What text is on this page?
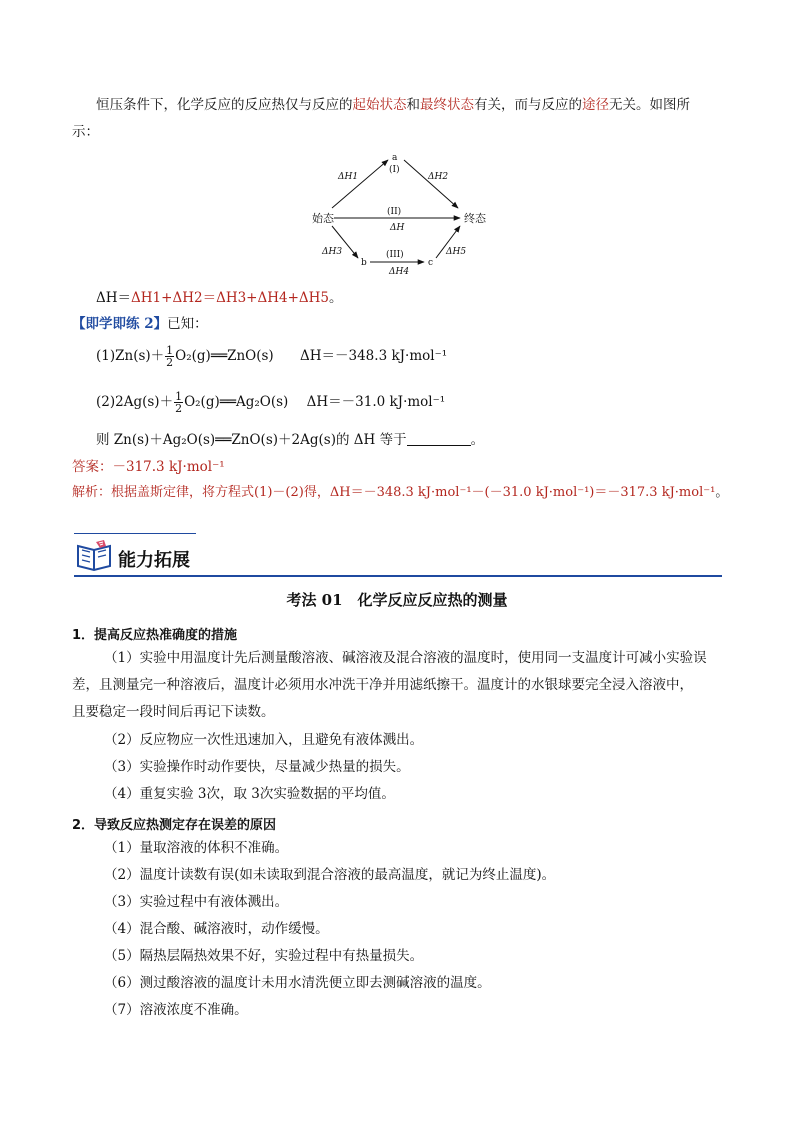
恒压条件下，化学反应的反应热仅与反应的起始状态和最终状态有关，而与反应的途径无关。如图所
示：
始态	终态
a
b	c
(I)
(II)
(III)
ΔH
ΔH1	ΔH2
ΔH3
ΔH4
ΔH5
ΔH＝ΔH1+ΔH2＝ΔH3+ΔH4+ΔH5。
【即学即练 2】已知：
$(1)Zn(s)+ \frac{1}{2}$ O₂(g)══ZnO(s) ΔH＝－348.3 kJ·mol⁻¹
$(2)2Ag(s)+ \frac{1}{2}$ O₂(g)══Ag₂O(s) ΔH＝－31.0 kJ·mol⁻¹
则 Zn(s)＋Ag₂O(s)══ZnO(s)＋2Ag(s)的 ΔH 等于	。
答案：－317.3 kJ·mol⁻¹
解析：根据盖斯定律，将方程式(1)－(2)得，ΔH＝－348.3 kJ·mol⁻¹－(－31.0 kJ·mol⁻¹)＝－317.3 kJ·mol⁻¹。
能力拓展
考法 01　化学反应反应热的测量
1．提高反应热准确度的措施
（1）实验中用温度计先后测量酸溶液、碱溶液及混合溶液的温度时，使用同一支温度计可减小实验误
差，且测量完一种溶液后，温度计必须用水冲洗干净并用滤纸擦干。温度计的水银球要完全浸入溶液中，
且要稳定一段时间后再记下读数。
（2）反应物应一次性迅速加入，且避免有液体溅出。
（3）实验操作时动作要快，尽量减少热量的损失。
（4）重复实验 3次，取 3次实验数据的平均值。
2．导致反应热测定存在误差的原因
（1）量取溶液的体积不准确。
（2）温度计读数有误(如未读取到混合溶液的最高温度，就记为终止温度)。
（3）实验过程中有液体溅出。
（4）混合酸、碱溶液时，动作缓慢。
（5）隔热层隔热效果不好，实验过程中有热量损失。
（6）测过酸溶液的温度计未用水清洗便立即去测碱溶液的温度。
（7）溶液浓度不准确。
